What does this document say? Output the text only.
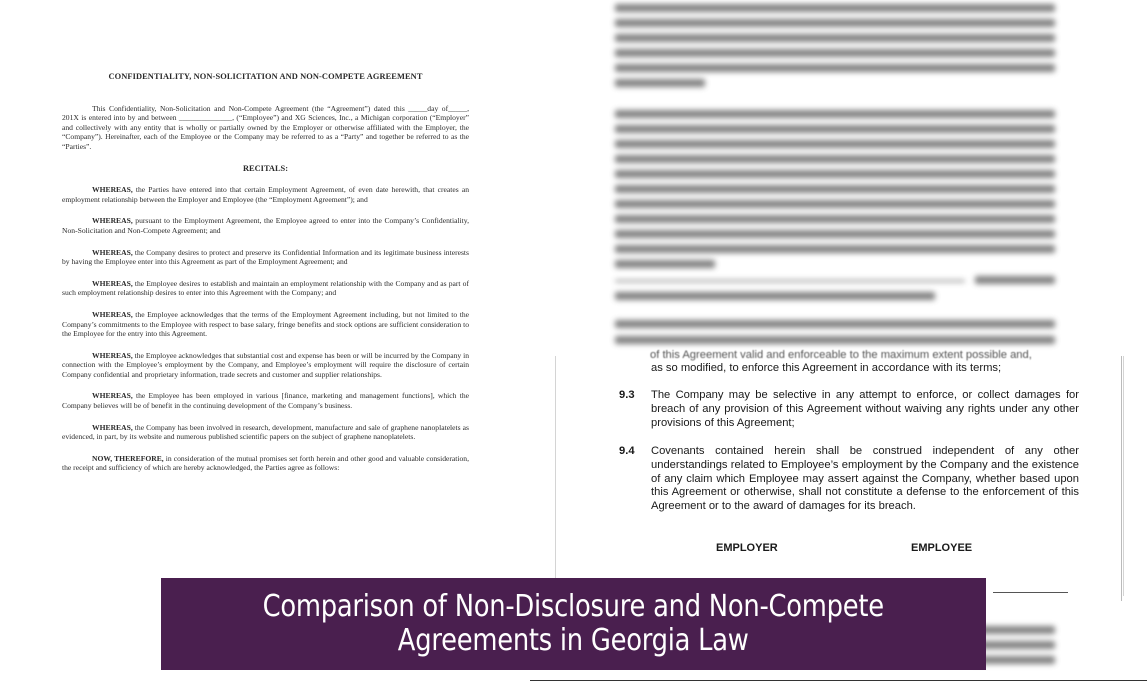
CONFIDENTIALITY, NON-SOLICITATION AND NON-COMPETE AGREEMENT

This Confidentiality, Non-Solicitation and Non-Compete Agreement (the “Agreement”) dated this _____day of_____, 201X is entered into by and between ______________, (“Employee”) and XG Sciences, Inc., a Michigan corporation (“Employer” and collectively with any entity that is wholly or partially owned by the Employer or otherwise affiliated with the Employer, the “Company”). Hereinafter, each of the Employee or the Company may be referred to as a “Party” and together be referred to as the “Parties”.

RECITALS:

WHEREAS, the Parties have entered into that certain Employment Agreement, of even date herewith, that creates an employment relationship between the Employer and Employee (the “Employment Agreement”); and

WHEREAS, pursuant to the Employment Agreement, the Employee agreed to enter into the Company’s Confidentiality, Non-Solicitation and Non-Compete Agreement; and

WHEREAS, the Company desires to protect and preserve its Confidential Information and its legitimate business interests by having the Employee enter into this Agreement as part of the Employment Agreement; and

WHEREAS, the Employee desires to establish and maintain an employment relationship with the Company and as part of such employment relationship desires to enter into this Agreement with the Company; and

WHEREAS, the Employee acknowledges that the terms of the Employment Agreement including, but not limited to the Company’s commitments to the Employee with respect to base salary, fringe benefits and stock options are sufficient consideration to the Employee for the entry into this Agreement.

WHEREAS, the Employee acknowledges that substantial cost and expense has been or will be incurred by the Company in connection with the Employee’s employment by the Company, and Employee’s employment will require the disclosure of certain Company confidential and proprietary information, trade secrets and customer and supplier relationships.

WHEREAS, the Employee has been employed in various [finance, marketing and management functions], which the Company believes will be of benefit in the continuing development of the Company’s business.

WHEREAS, the Company has been involved in research, development, manufacture and sale of graphene nanoplatelets as evidenced, in part, by its website and numerous published scientific papers on the subject of graphene nanoplatelets.

NOW, THEREFORE, in consideration of the mutual promises set forth herein and other good and valuable consideration, the receipt and sufficiency of which are hereby acknowledged, the Parties agree as follows:

of this Agreement valid and enforceable to the maximum extent possible and,
as so modified, to enforce this Agreement in accordance with its terms;
9.3	The Company may be selective in any attempt to enforce, or collect damages for breach of any provision of this Agreement without waiving any rights under any other provisions of this Agreement;
9.4	Covenants contained herein shall be construed independent of any other understandings related to Employee’s employment by the Company and the existence of any claim which Employee may assert against the Company, whether based upon this Agreement or otherwise, shall not constitute a defense to the enforcement of this Agreement or to the award of damages for its breach.
EMPLOYER	EMPLOYEE
Comparison of Non-Disclosure and Non-Compete
Agreements in Georgia Law
